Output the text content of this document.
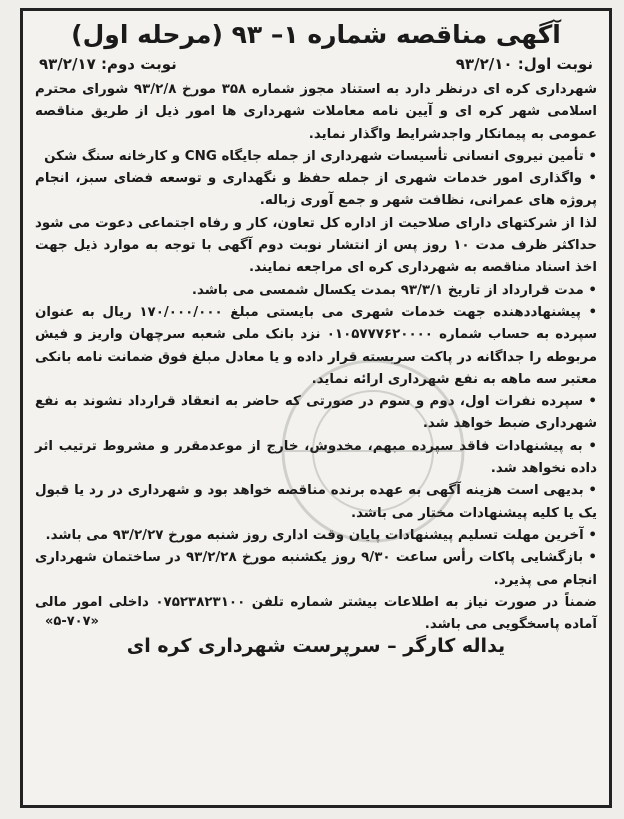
آگهی مناقصه شماره ۱– ۹۳ (مرحله اول)
نوبت اول: ۹۳/۲/۱۰
نوبت دوم: ۹۳/۲/۱۷

شهرداری کره ای درنظر دارد به استناد مجوز شماره ۳۵۸ مورخ ۹۳/۲/۸ شورای محترم اسلامی شهر کره ای و آیین نامه معاملات شهرداری ها امور ذیل از طریق مناقصه عمومی به پیمانکار واجدشرایط واگذار نماید.

• تأمین نیروی انسانی تأسیسات شهرداری از جمله جایگاه CNG و کارخانه سنگ شکن

• واگذاری امور خدمات شهری از جمله حفظ و نگهداری و توسعه فضای سبز، انجام پروژه های عمرانی، نظافت شهر و جمع آوری زباله.

لذا از شرکتهای دارای صلاحیت از اداره کل تعاون، کار و رفاه اجتماعی دعوت می شود حداکثر ظرف مدت ۱۰ روز پس از انتشار نوبت دوم آگهی با توجه به موارد ذیل جهت اخذ اسناد مناقصه به شهرداری کره ای مراجعه نمایند.

• مدت قرارداد از تاریخ ۹۳/۳/۱ بمدت یکسال شمسی می باشد.

• پیشنهاددهنده جهت خدمات شهری می بایستی مبلغ ۱۷۰/۰۰۰/۰۰۰ ریال به عنوان سپرده به حساب شماره ۰۱۰۵۷۷۷۶۲۰۰۰۰ نزد بانک ملی شعبه سرچهان واریز و فیش مربوطه را جداگانه در پاکت سربسته قرار داده و یا معادل مبلغ فوق ضمانت نامه بانکی معتبر سه ماهه به نفع شهرداری ارائه نماید.

• سپرده نفرات اول، دوم و سوم در صورتی که حاضر به انعقاد قرارداد نشوند به نفع شهرداری ضبط خواهد شد.

• به پیشنهادات فاقد سپرده مبهم، مخدوش، خارج از موعدمقرر و مشروط ترتیب اثر داده نخواهد شد.

• بدیهی است هزینه آگهی به عهده برنده مناقصه خواهد بود و شهرداری در رد یا قبول یک یا کلیه پیشنهادات مختار می باشد.

• آخرین مهلت تسلیم پیشنهادات پایان وقت اداری روز شنبه مورخ ۹۳/۲/۲۷ می باشد.

• بازگشایی پاکات رأس ساعت ۹/۳۰ روز یکشنبه مورخ ۹۳/۲/۲۸ در ساختمان شهرداری انجام می پذیرد.

ضمناً در صورت نیاز به اطلاعات بیشتر شماره تلفن ۰۷۵۲۳۸۲۳۱۰۰ داخلی امور مالی آماده پاسخگویی می باشد.

«۵-۷۰۷»
یداله کارگر – سرپرست شهرداری کره ای
